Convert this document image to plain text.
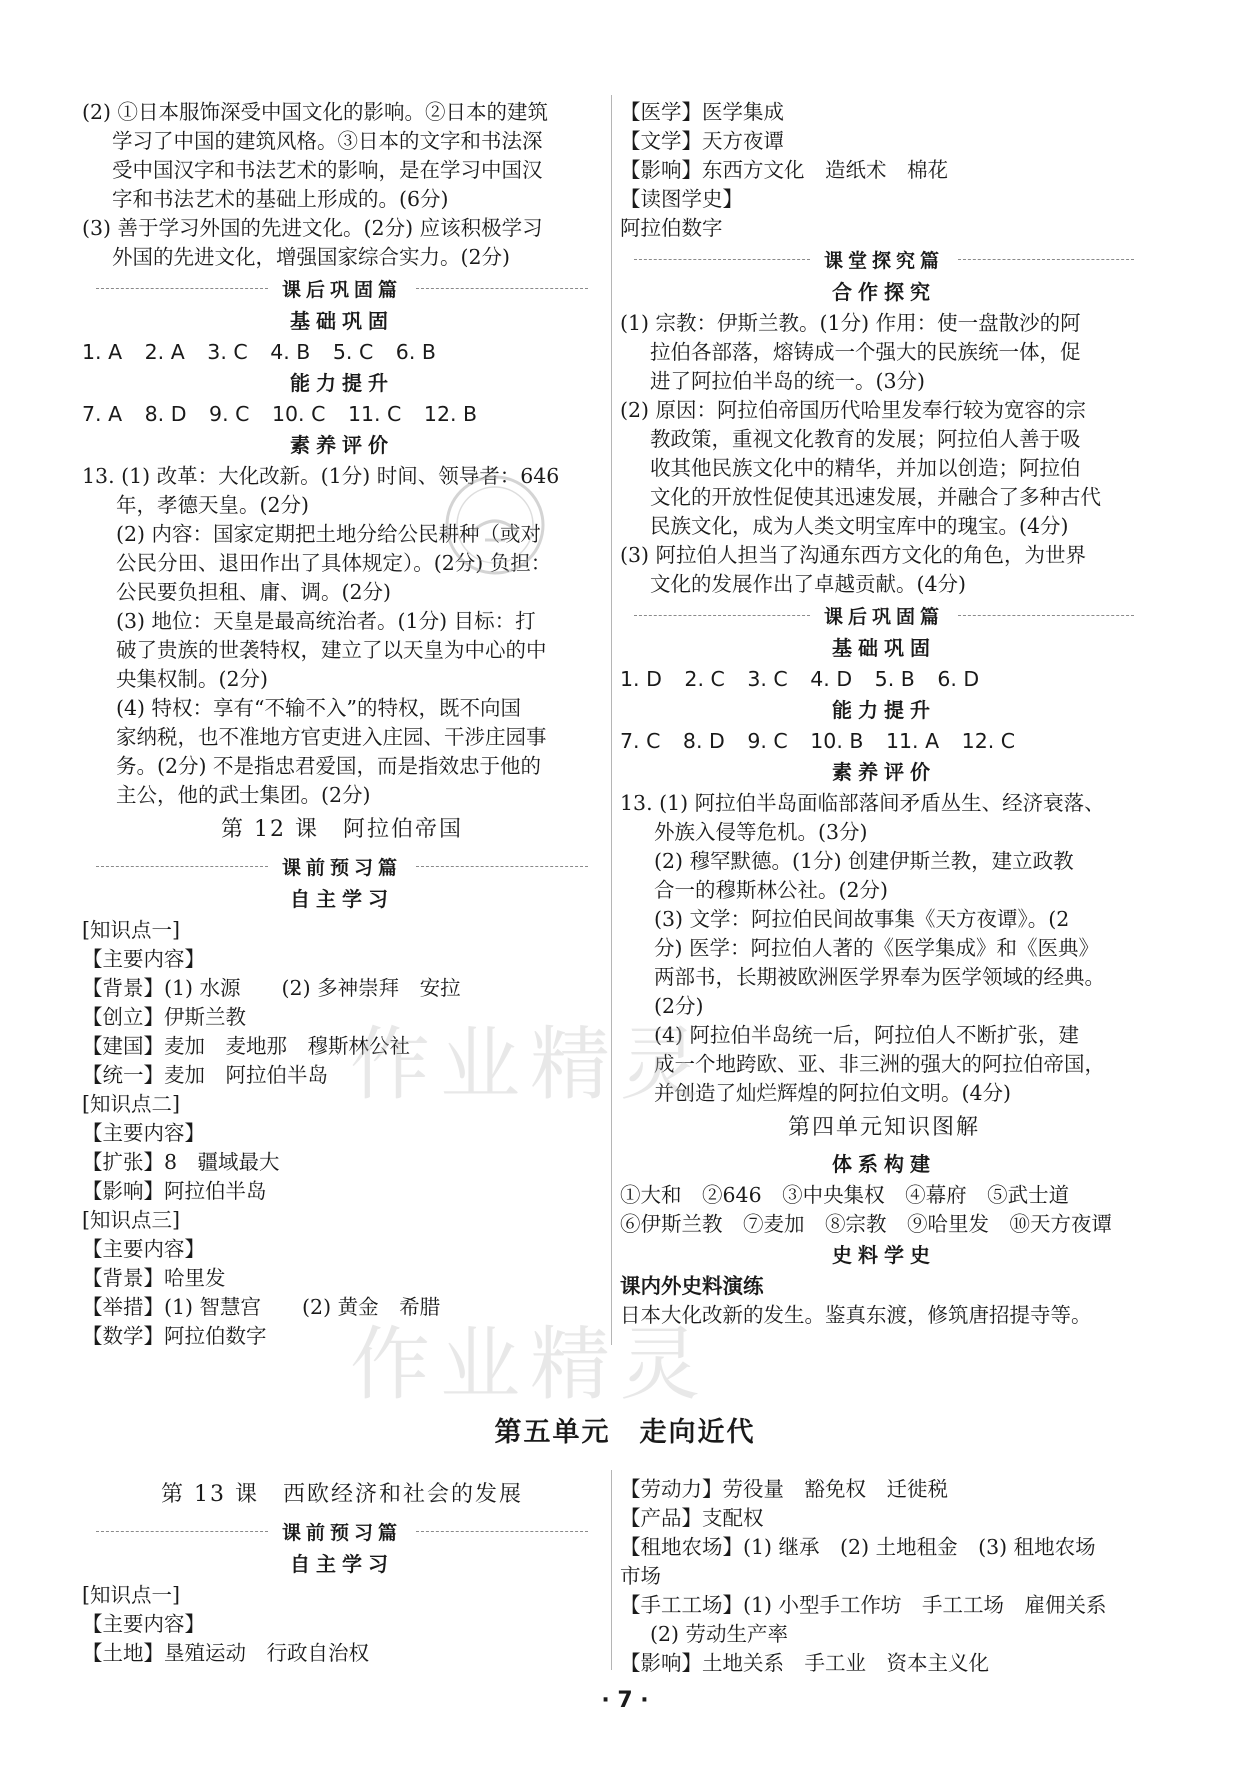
(2) ①日本服饰深受中国文化的影响。②日本的建筑

学习了中国的建筑风格。③日本的文字和书法深

受中国汉字和书法艺术的影响，是在学习中国汉

字和书法艺术的基础上形成的。(6分)

(3) 善于学习外国的先进文化。(2分) 应该积极学习

外国的先进文化，增强国家综合实力。(2分)

课后巩固篇
基础巩固
1. A 2. A 3. C 4. B 5. C 6. B
能力提升
7. A 8. D 9. C 10. C 11. C 12. B
素养评价

13. (1) 改革：大化改新。(1分) 时间、领导者：646

年，孝德天皇。(2分)

(2) 内容：国家定期把土地分给公民耕种（或对

公民分田、退田作出了具体规定）。(2分) 负担：

公民要负担租、庸、调。(2分)

(3) 地位：天皇是最高统治者。(1分) 目标：打

破了贵族的世袭特权，建立了以天皇为中心的中

央集权制。(2分)

(4) 特权：享有“不输不入”的特权，既不向国

家纳税，也不准地方官吏进入庄园、干涉庄园事

务。(2分) 不是指忠君爱国，而是指效忠于他的

主公，他的武士集团。(2分)

第 12 课　阿拉伯帝国
课前预习篇
自主学习

[知识点一]

【主要内容】

【背景】(1) 水源　　(2) 多神崇拜　安拉

【创立】伊斯兰教

【建国】麦加　麦地那　穆斯林公社

【统一】麦加　阿拉伯半岛

[知识点二]

【主要内容】

【扩张】8　疆域最大

【影响】阿拉伯半岛

[知识点三]

【主要内容】

【背景】哈里发

【举措】(1) 智慧宫　　(2) 黄金　希腊

【数学】阿拉伯数字

【医学】医学集成

【文学】天方夜谭

【影响】东西方文化　造纸术　棉花

【读图学史】

阿拉伯数字

课堂探究篇
合作探究

(1) 宗教：伊斯兰教。(1分) 作用：使一盘散沙的阿

拉伯各部落，熔铸成一个强大的民族统一体，促

进了阿拉伯半岛的统一。(3分)

(2) 原因：阿拉伯帝国历代哈里发奉行较为宽容的宗

教政策，重视文化教育的发展；阿拉伯人善于吸

收其他民族文化中的精华，并加以创造；阿拉伯

文化的开放性促使其迅速发展，并融合了多种古代

民族文化，成为人类文明宝库中的瑰宝。(4分)

(3) 阿拉伯人担当了沟通东西方文化的角色，为世界

文化的发展作出了卓越贡献。(4分)

课后巩固篇
基础巩固
1. D 2. C 3. C 4. D 5. B 6. D
能力提升
7. C 8. D 9. C 10. B 11. A 12. C
素养评价

13. (1) 阿拉伯半岛面临部落间矛盾丛生、经济衰落、

外族入侵等危机。(3分)

(2) 穆罕默德。(1分) 创建伊斯兰教，建立政教

合一的穆斯林公社。(2分)

(3) 文学：阿拉伯民间故事集《天方夜谭》。(2

分) 医学：阿拉伯人著的《医学集成》和《医典》

两部书，长期被欧洲医学界奉为医学领域的经典。

(2分)

(4) 阿拉伯半岛统一后，阿拉伯人不断扩张，建

成一个地跨欧、亚、非三洲的强大的阿拉伯帝国，

并创造了灿烂辉煌的阿拉伯文明。(4分)

第四单元知识图解
体系构建

①大和　②646　③中央集权　④幕府　⑤武士道

⑥伊斯兰教　⑦麦加　⑧宗教　⑨哈里发　⑩天方夜谭

史料学史

课内外史料演练

日本大化改新的发生。鉴真东渡，修筑唐招提寺等。

第五单元　走向近代
第 13 课　西欧经济和社会的发展
课前预习篇
自主学习

[知识点一]

【主要内容】

【土地】垦殖运动　行政自治权

【劳动力】劳役量　豁免权　迁徙税

【产品】支配权

【租地农场】(1) 继承　(2) 土地租金　(3) 租地农场

市场

【手工工场】(1) 小型手工作坊　手工工场　雇佣关系

(2) 劳动生产率

【影响】土地关系　手工业　资本主义化

作业精灵
作业精灵
· 7 ·
